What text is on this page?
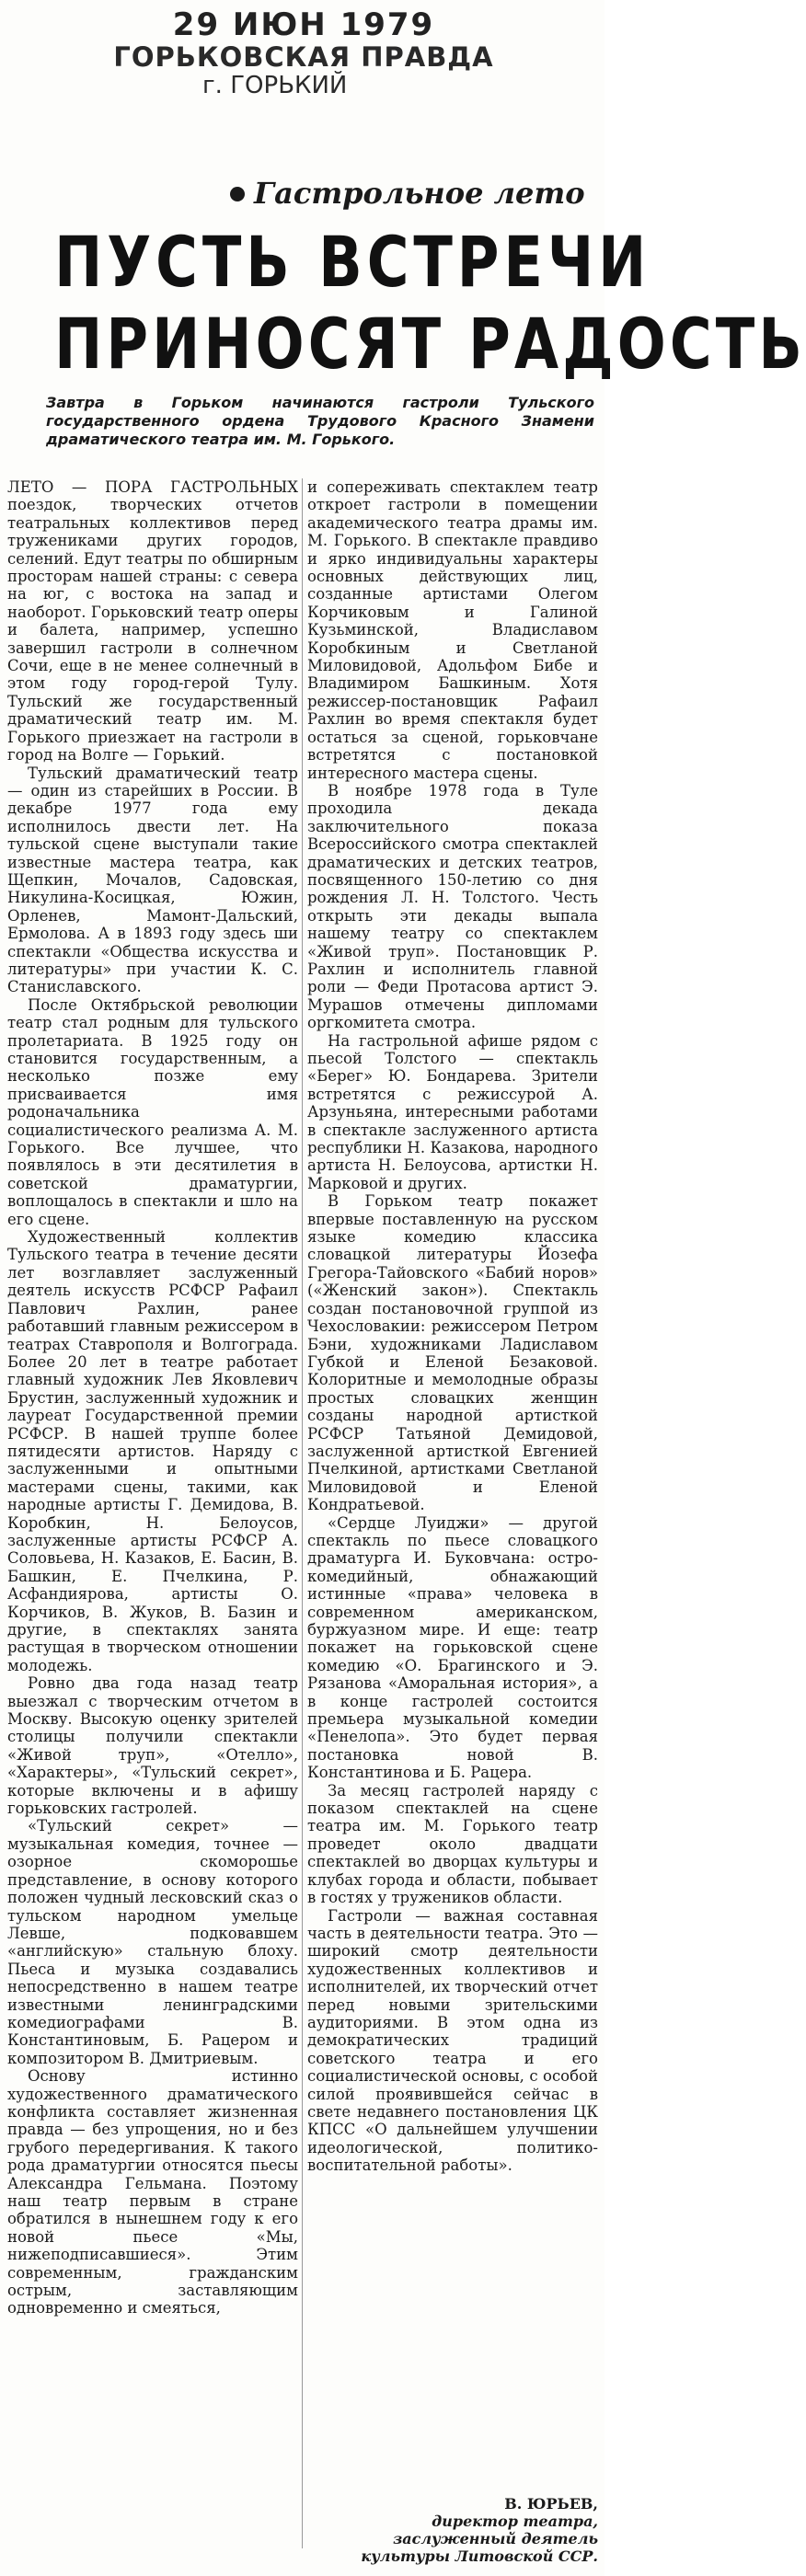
29 ИЮН 1979
ГОРЬКОВСКАЯ ПРАВДА
г. ГОРЬКИЙ
Гастрольное лето
ПУСТЬ ВСТРЕЧИ
ПРИНОСЯТ РАДОСТЬ
Завтра в Горьком начинаются гастроли Тульского государственного ордена Трудового Красного Знамени драматического театра им. М. Горького.

ЛЕТО — ПОРА ГАСТРОЛЬНЫХ поездок, творческих отчетов театральных коллективов перед тружениками других городов, селений. Едут театры по обширным просторам нашей страны: с севера на юг, с востока на запад и наоборот. Горьковский театр оперы и балета, например, успешно завершил гастроли в солнечном Сочи, еще в не менее солнечный в этом году город-герой Тулу. Тульский же государственный драматический театр им. М. Горького приезжает на гастроли в город на Волге — Горький.

Тульский драматический театр — один из старейших в России. В декабре 1977 года ему исполнилось двести лет. На тульской сцене выступали такие известные мастера театра, как Щепкин, Мочалов, Садовская, Никулина-Косицкая, Южин, Орленев, Мамонт-Дальский, Ермолова. А в 1893 году здесь ши спектакли «Общества искусства и литературы» при участии К. С. Станиславского.

После Октябрьской революции театр стал родным для тульского пролетариата. В 1925 году он становится государственным, а несколько позже ему присваивается имя родоначальника социалистического реализма А. М. Горького. Все лучшее, что появлялось в эти десятилетия в советской драматургии, воплощалось в спектакли и шло на его сцене.

Художественный коллектив Тульского театра в течение десяти лет возглавляет заслуженный деятель искусств РСФСР Рафаил Павлович Рахлин, ранее работавший главным режиссером в театрах Ставрополя и Волгограда. Более 20 лет в театре работает главный художник Лев Яковлевич Брустин, заслуженный художник и лауреат Государственной премии РСФСР. В нашей труппе более пятидесяти артистов. Наряду с заслуженными и опытными мастерами сцены, такими, как народные артисты Г. Демидова, В. Коробкин, Н. Белоусов, заслуженные артисты РСФСР А. Соловьева, Н. Казаков, Е. Басин, В. Башкин, Е. Пчелкина, Р. Асфандиярова, артисты О. Корчиков, В. Жуков, В. Базин и другие, в спектаклях занята растущая в творческом отношении молодежь.

Ровно два года назад театр выезжал с творческим отчетом в Москву. Высокую оценку зрителей столицы получили спектакли «Живой труп», «Отелло», «Характеры», «Тульский секрет», которые включены и в афишу горьковских гастролей.

«Тульский секрет» — музыкальная комедия, точнее — озорное скоморошье представление, в основу которого положен чудный лесковский сказ о тульском народном умельце Левше, подковавшем «английскую» стальную блоху. Пьеса и музыка создавались непосредственно в нашем театре известными ленинградскими комедиографами В. Константиновым, Б. Рацером и композитором В. Дмитриевым.

Основу истинно художественного драматического конфликта составляет жизненная правда — без упрощения, но и без грубого передергивания. К такого рода драматургии относятся пьесы Александра Гельмана. Поэтому наш театр первым в стране обратился в нынешнем году к его новой пьесе «Мы, нижеподписавшиеся». Этим современным, гражданским острым, заставляющим одновременно и смеяться,

и сопереживать спектаклем театр откроет гастроли в помещении академического театра драмы им. М. Горького. В спектакле правдиво и ярко индивидуальны характеры основных действующих лиц, созданные артистами Олегом Корчиковым и Галиной Кузьминской, Владиславом Коробкиным и Светланой Миловидовой, Адольфом Бибе и Владимиром Башкиным. Хотя режиссер-постановщик Рафаил Рахлин во время спектакля будет остаться за сценой, горьковчане встретятся с постановкой интересного мастера сцены.

В ноябре 1978 года в Туле проходила декада заключительного показа Всероссийского смотра спектаклей драматических и детских театров, посвященного 150-летию со дня рождения Л. Н. Толстого. Честь открыть эти декады выпала нашему театру со спектаклем «Живой труп». Постановщик Р. Рахлин и исполнитель главной роли — Феди Протасова артист Э. Мурашов отмечены дипломами оргкомитета смотра.

На гастрольной афише рядом с пьесой Толстого — спектакль «Берег» Ю. Бондарева. Зрители встретятся с режиссурой А. Арзуньяна, интересными работами в спектакле заслуженного артиста республики Н. Казакова, народного артиста Н. Белоусова, артистки Н. Марковой и других.

В Горьком театр покажет впервые поставленную на русском языке комедию классика словацкой литературы Йозефа Грегора-Тайовского «Бабий норов» («Женский закон»). Спектакль создан постановочной группой из Чехословакии: режиссером Петром Бэни, художниками Ладиславом Губкой и Еленой Безаковой. Колоритные и мемолодные образы простых словацких женщин созданы народной артисткой РСФСР Татьяной Демидовой, заслуженной артисткой Евгенией Пчелкиной, артистками Светланой Миловидовой и Еленой Кондратьевой.

«Сердце Луиджи» — другой спектакль по пьесе словацкого драматурга И. Буковчана: остро-комедийный, обнажающий истинные «права» человека в современном американском, буржуазном мире. И еще: театр покажет на горьковской сцене комедию «О. Брагинского и Э. Рязанова «Аморальная история», а в конце гастролей состоится премьера музыкальной комедии «Пенелопа». Это будет первая постановка новой В. Константинова и Б. Рацера.

За месяц гастролей наряду с показом спектаклей на сцене театра им. М. Горького театр проведет около двадцати спектаклей во дворцах культуры и клубах города и области, побывает в гостях у тружеников области.

Гастроли — важная составная часть в деятельности театра. Это — широкий смотр деятельности художественных коллективов и исполнителей, их творческий отчет перед новыми зрительскими аудиториями. В этом одна из демократических традиций советского театра и его социалистической основы, с особой силой проявившейся сейчас в свете недавнего постановления ЦК КПСС «О дальнейшем улучшении идеологической, политико-воспитательной работы».

В. ЮРЬЕВ,
директор театра, заслуженный деятель культуры Литовской ССР.
